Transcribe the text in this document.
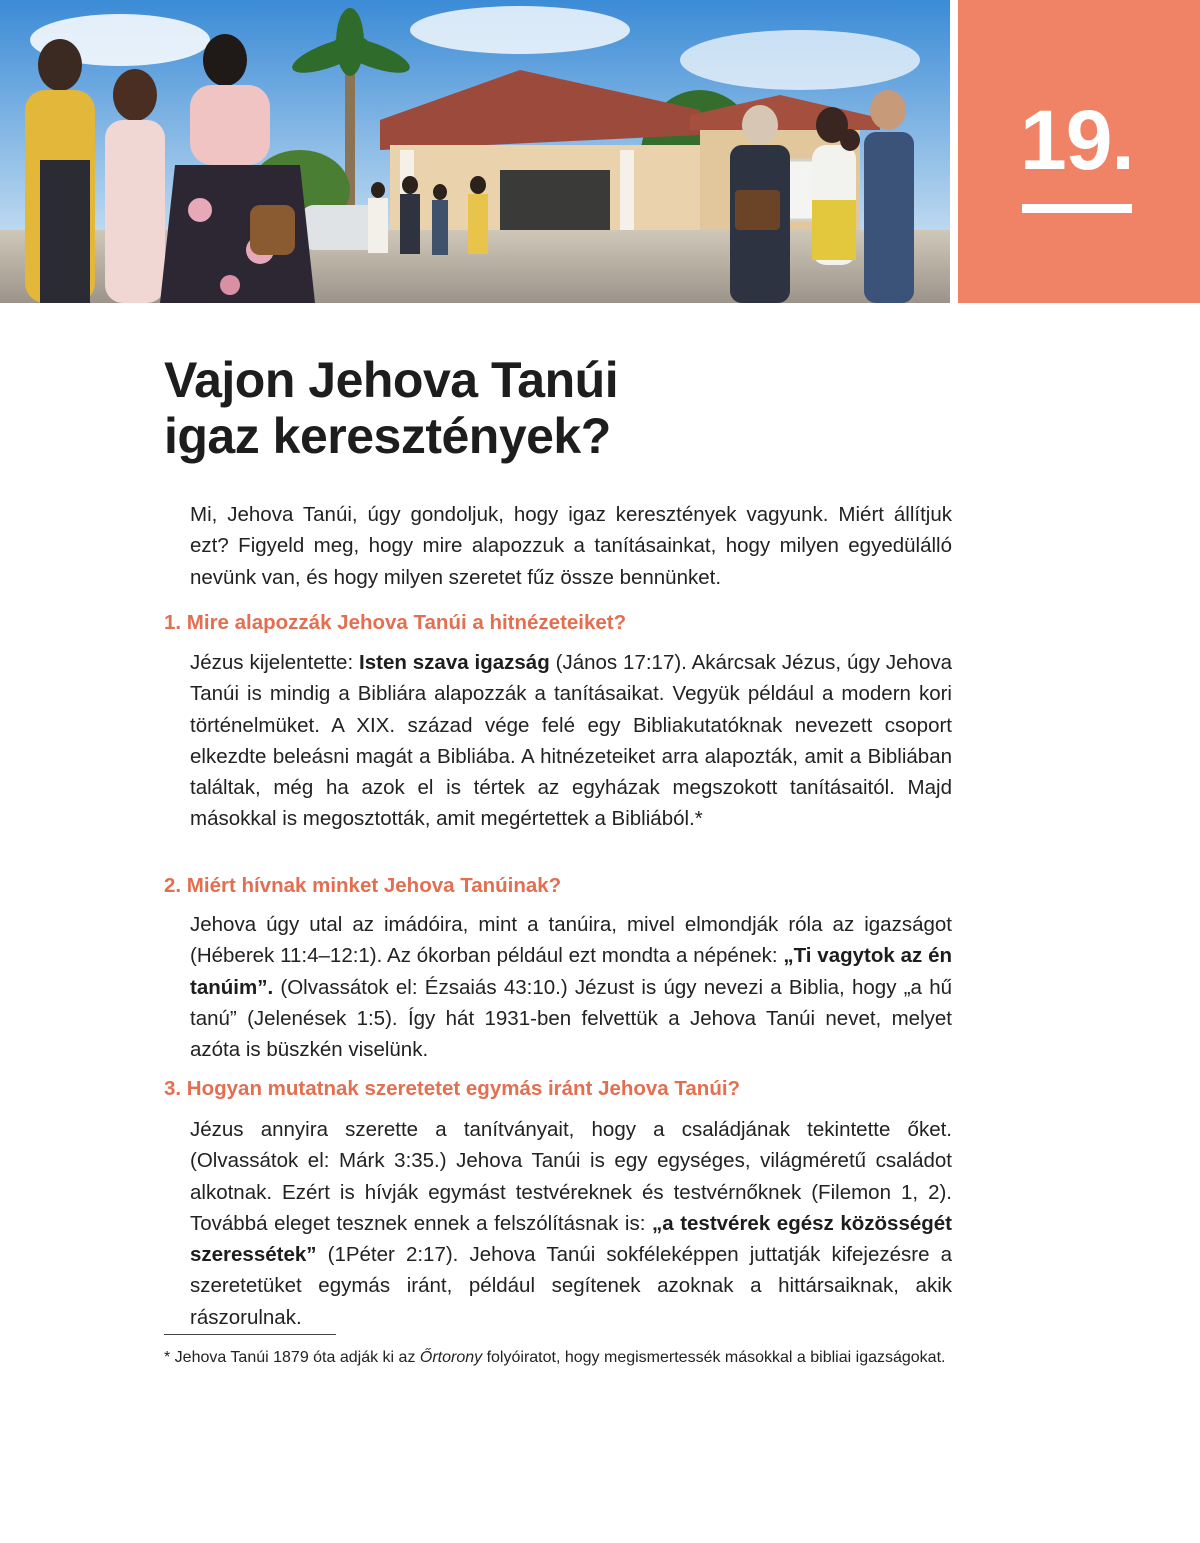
19.
Vajon Jehova Tanúi
igaz keresztények?

Mi, Jehova Tanúi, úgy gondoljuk, hogy igaz keresztények vagyunk. Miért állítjuk ezt? Figyeld meg, hogy mire alapozzuk a tanításainkat, hogy milyen egyedülálló nevünk van, és hogy milyen szeretet fűz össze bennünket.

1. Mire alapozzák Jehova Tanúi a hitnézeteiket?

Jézus kijelentette: Isten szava igazság (János 17:17). Akárcsak Jézus, úgy Jehova Tanúi is mindig a Bibliára alapozzák a tanításaikat. Vegyük például a modern kori történelmüket. A XIX. század vége felé egy Bibliakutatóknak nevezett csoport elkezdte beleásni magát a Bibliába. A hitnézeteiket arra alapozták, amit a Bibliában találtak, még ha azok el is tértek az egyházak megszokott tanításaitól. Majd másokkal is megosztották, amit megértettek a Bibliából.*

2. Miért hívnak minket Jehova Tanúinak?

Jehova úgy utal az imádóira, mint a tanúira, mivel elmondják róla az igazságot (Héberek 11:4–12:1). Az ókorban például ezt mondta a népének: „Ti vagytok az én tanúim”. (Olvassátok el: Ézsaiás 43:10.) Jézust is úgy nevezi a Biblia, hogy „a hű tanú” (Jelenések 1:5). Így hát 1931-ben felvettük a Jehova Tanúi nevet, melyet azóta is büszkén viselünk.

3. Hogyan mutatnak szeretetet egymás iránt Jehova Tanúi?

Jézus annyira szerette a tanítványait, hogy a családjának tekintette őket. (Olvassátok el: Márk 3:35.) Jehova Tanúi is egy egységes, világméretű családot alkotnak. Ezért is hívják egymást testvéreknek és testvérnőknek (Filemon 1, 2). Továbbá eleget tesznek ennek a felszólításnak is: „a testvérek egész közösségét szeressétek” (1Péter 2:17). Jehova Tanúi sokféleképpen juttatják kifejezésre a szeretetüket egymás iránt, például segítenek azoknak a hittársaiknak, akik rászorulnak.

* Jehova Tanúi 1879 óta adják ki az Őrtorony folyóiratot, hogy megismertessék másokkal a bibliai igazságokat.
